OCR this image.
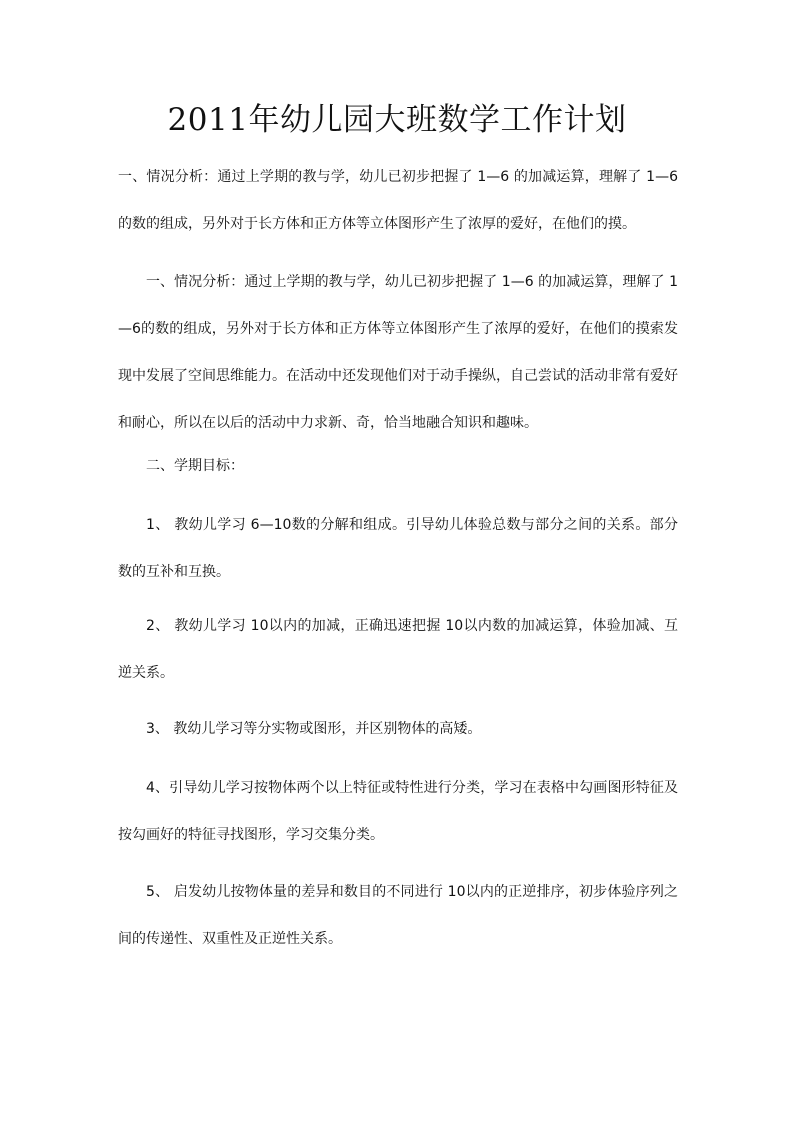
2011年幼儿园大班数学工作计划

一、情况分析：通过上学期的教与学，幼儿已初步把握了 1—6 的加减运算，理解了 1—6 的数的组成，另外对于长方体和正方体等立体图形产生了浓厚的爱好，在他们的摸。

一、情况分析：通过上学期的教与学，幼儿已初步把握了 1—6 的加减运算，理解了 1—6的数的组成，另外对于长方体和正方体等立体图形产生了浓厚的爱好，在他们的摸索发现中发展了空间思维能力。在活动中还发现他们对于动手操纵，自己尝试的活动非常有爱好和耐心，所以在以后的活动中力求新、奇，恰当地融合知识和趣味。

二、学期目标：

1、 教幼儿学习 6—10数的分解和组成。引导幼儿体验总数与部分之间的关系。部分数的互补和互换。

2、 教幼儿学习 10以内的加减，正确迅速把握 10以内数的加减运算，体验加减、互逆关系。

3、 教幼儿学习等分实物或图形，并区别物体的高矮。

4、引导幼儿学习按物体两个以上特征或特性进行分类，学习在表格中勾画图形特征及按勾画好的特征寻找图形，学习交集分类。

5、 启发幼儿按物体量的差异和数目的不同进行 10以内的正逆排序，初步体验序列之间的传递性、双重性及正逆性关系。
